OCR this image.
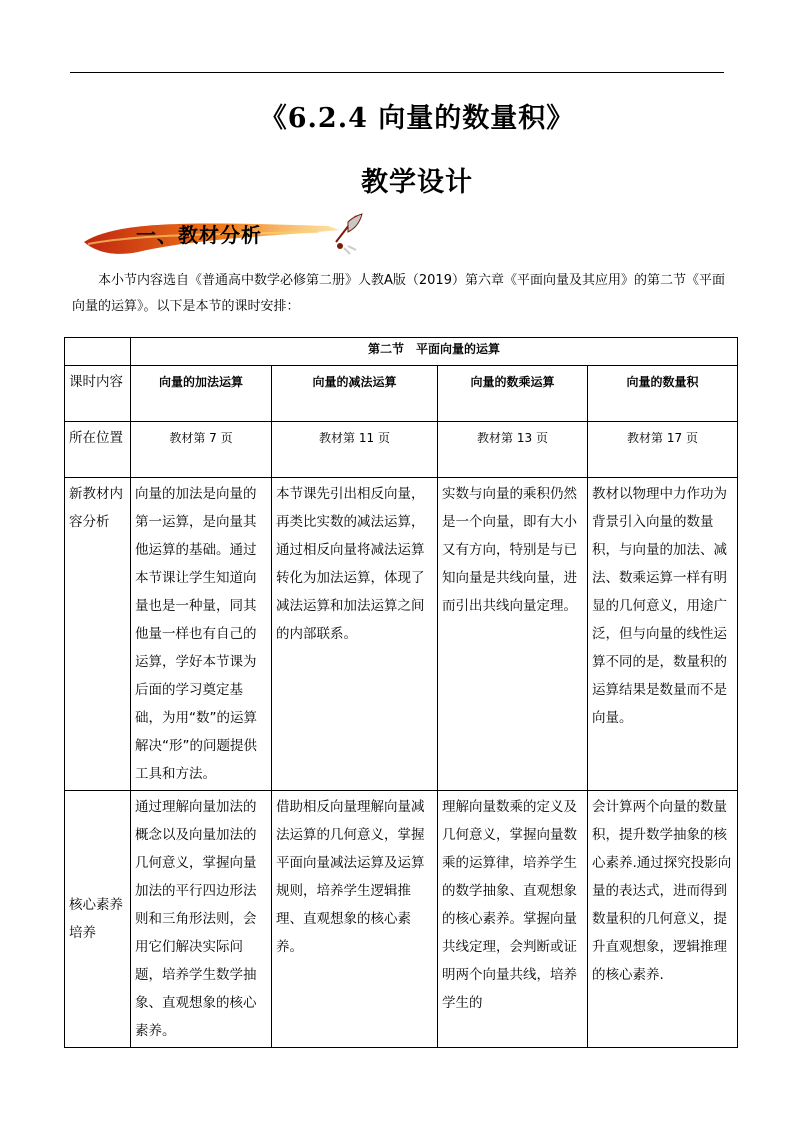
《6.2.4 向量的数量积》
教学设计
一、教材分析
本小节内容选自《普通高中数学必修第二册》人教A版（2019）第六章《平面向量及其应用》的第二节《平面向量的运算》。以下是本节的课时安排：
	第二节　平面向量的运算			
课时内容	向量的加法运算	向量的减法运算	向量的数乘运算	向量的数量积
所在位置	教材第 7 页	教材第 11 页	教材第 13 页	教材第 17 页
新教材内容分析	向量的加法是向量的第一运算，是向量其他运算的基础。通过本节课让学生知道向量也是一种量，同其他量一样也有自己的运算，学好本节课为后面的学习奠定基础，为用“数”的运算解决“形”的问题提供工具和方法。	本节课先引出相反向量，再类比实数的减法运算，通过相反向量将减法运算转化为加法运算，体现了减法运算和加法运算之间的内部联系。	实数与向量的乘积仍然是一个向量，即有大小又有方向，特别是与已知向量是共线向量，进而引出共线向量定理。	教材以物理中力作功为背景引入向量的数量积，与向量的加法、减法、数乘运算一样有明显的几何意义，用途广泛，但与向量的线性运算不同的是，数量积的运算结果是数量而不是向量。
核心素养培养	通过理解向量加法的概念以及向量加法的几何意义，掌握向量加法的平行四边形法则和三角形法则，会用它们解决实际问题，培养学生数学抽象、直观想象的核心素养。	借助相反向量理解向量减法运算的几何意义，掌握平面向量减法运算及运算规则，培养学生逻辑推理、直观想象的核心素养。	理解向量数乘的定义及几何意义，掌握向量数乘的运算律，培养学生的数学抽象、直观想象的核心素养。掌握向量共线定理，会判断或证明两个向量共线，培养学生的	会计算两个向量的数量积，提升数学抽象的核心素养.通过探究投影向量的表达式，进而得到数量积的几何意义，提升直观想象，逻辑推理的核心素养.
